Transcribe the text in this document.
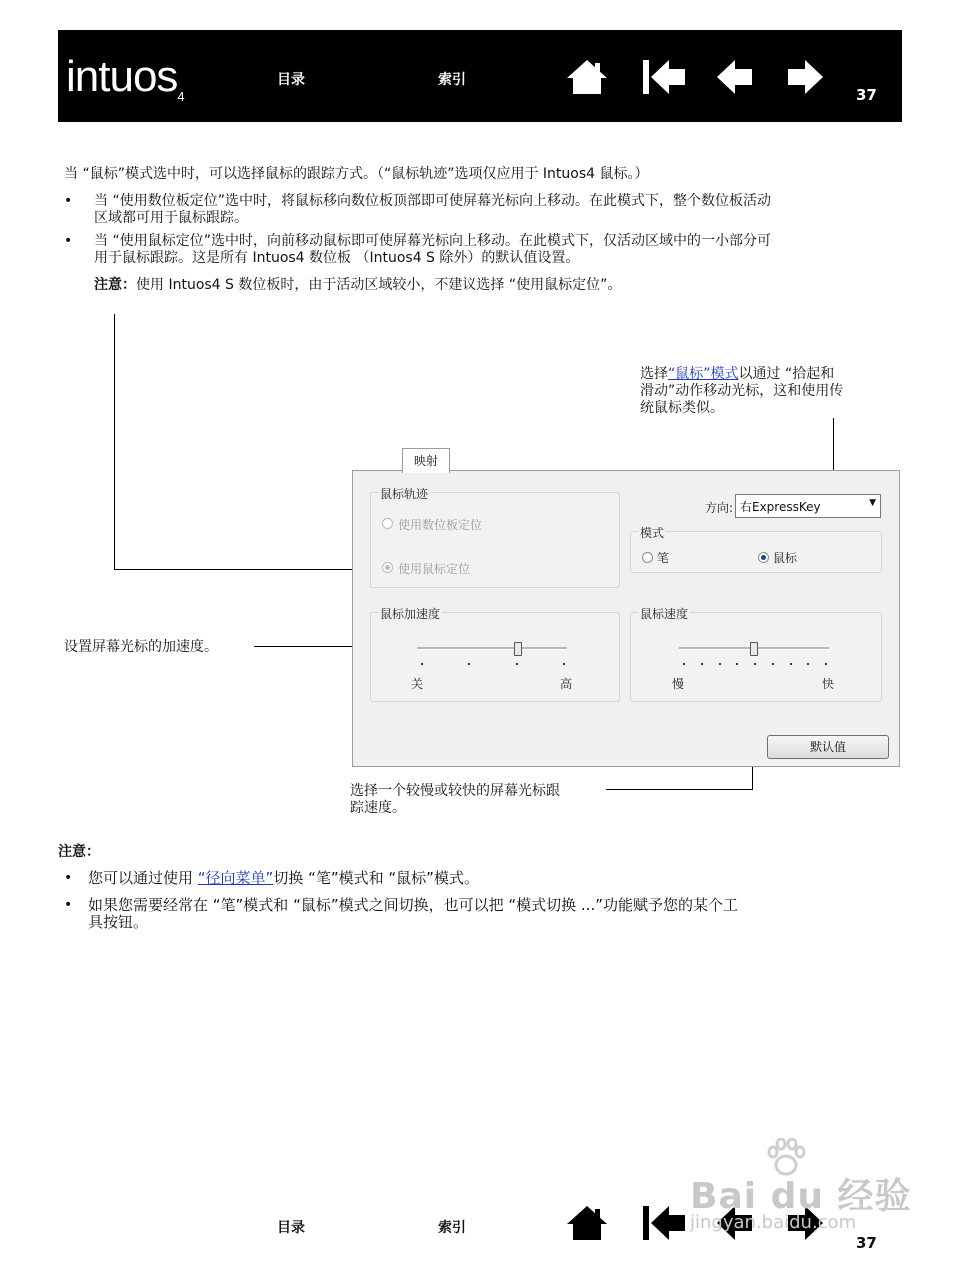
intuos$_4$
目录	索引
37
当 “鼠标”模式选中时，可以选择鼠标的跟踪方式。（“鼠标轨迹”选项仅应用于 Intuos4 鼠标。）
• 当 “使用数位板定位”选中时，将鼠标移向数位板顶部即可使屏幕光标向上移动。在此模式下，整个数位板活动
区域都可用于鼠标跟踪。
• 当 “使用鼠标定位”选中时，向前移动鼠标即可使屏幕光标向上移动。在此模式下，仅活动区域中的一小部分可
用于鼠标跟踪。这是所有 Intuos4 数位板 （Intuos4 S 除外）的默认值设置。
注意：使用 Intuos4 S 数位板时，由于活动区域较小，不建议选择 “使用鼠标定位”。
选择“鼠标”模式以通过 “拾起和
滑动”动作移动光标，这和使用传
统鼠标类似。
设置屏幕光标的加速度。
选择一个较慢或较快的屏幕光标跟
踪速度。
映射
鼠标轨迹
使用数位板定位
使用鼠标定位
方向: 右ExpressKey	▼
模式
笔	鼠标
鼠标加速度
关	高
鼠标速度
慢	快
默认值
注意：
• 您可以通过使用 “径向菜单”切换 “笔”模式和 “鼠标”模式。
• 如果您需要经常在 “笔”模式和 “鼠标”模式之间切换，也可以把 “模式切换 ...”功能赋予您的某个工
具按钮。
目录	索引
37
Bai du 经验
jingyan.baidu.com
